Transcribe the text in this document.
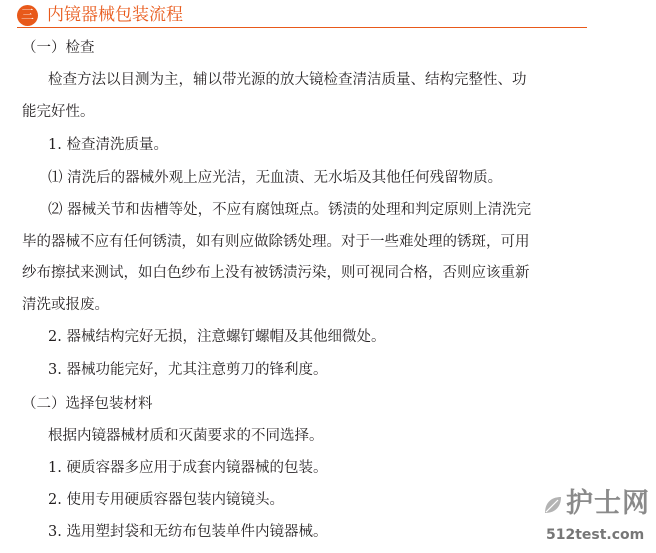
三 内镜器械包装流程
（一）检查
检查方法以目测为主，辅以带光源的放大镜检查清洁质量、结构完整性、功
能完好性。
1. 检查清洗质量。
⑴ 清洗后的器械外观上应光洁，无血渍、无水垢及其他任何残留物质。
⑵ 器械关节和齿槽等处，不应有腐蚀斑点。锈渍的处理和判定原则上清洗完
毕的器械不应有任何锈渍，如有则应做除锈处理。对于一些难处理的锈斑，可用
纱布擦拭来测试，如白色纱布上没有被锈渍污染，则可视同合格，否则应该重新
清洗或报废。
2. 器械结构完好无损，注意螺钉螺帽及其他细微处。
3. 器械功能完好，尤其注意剪刀的锋利度。
（二）选择包装材料
根据内镜器械材质和灭菌要求的不同选择。
1. 硬质容器多应用于成套内镜器械的包装。
2. 使用专用硬质容器包装内镜镜头。
3. 选用塑封袋和无纺布包装单件内镜器械。
护士网
512test.com
